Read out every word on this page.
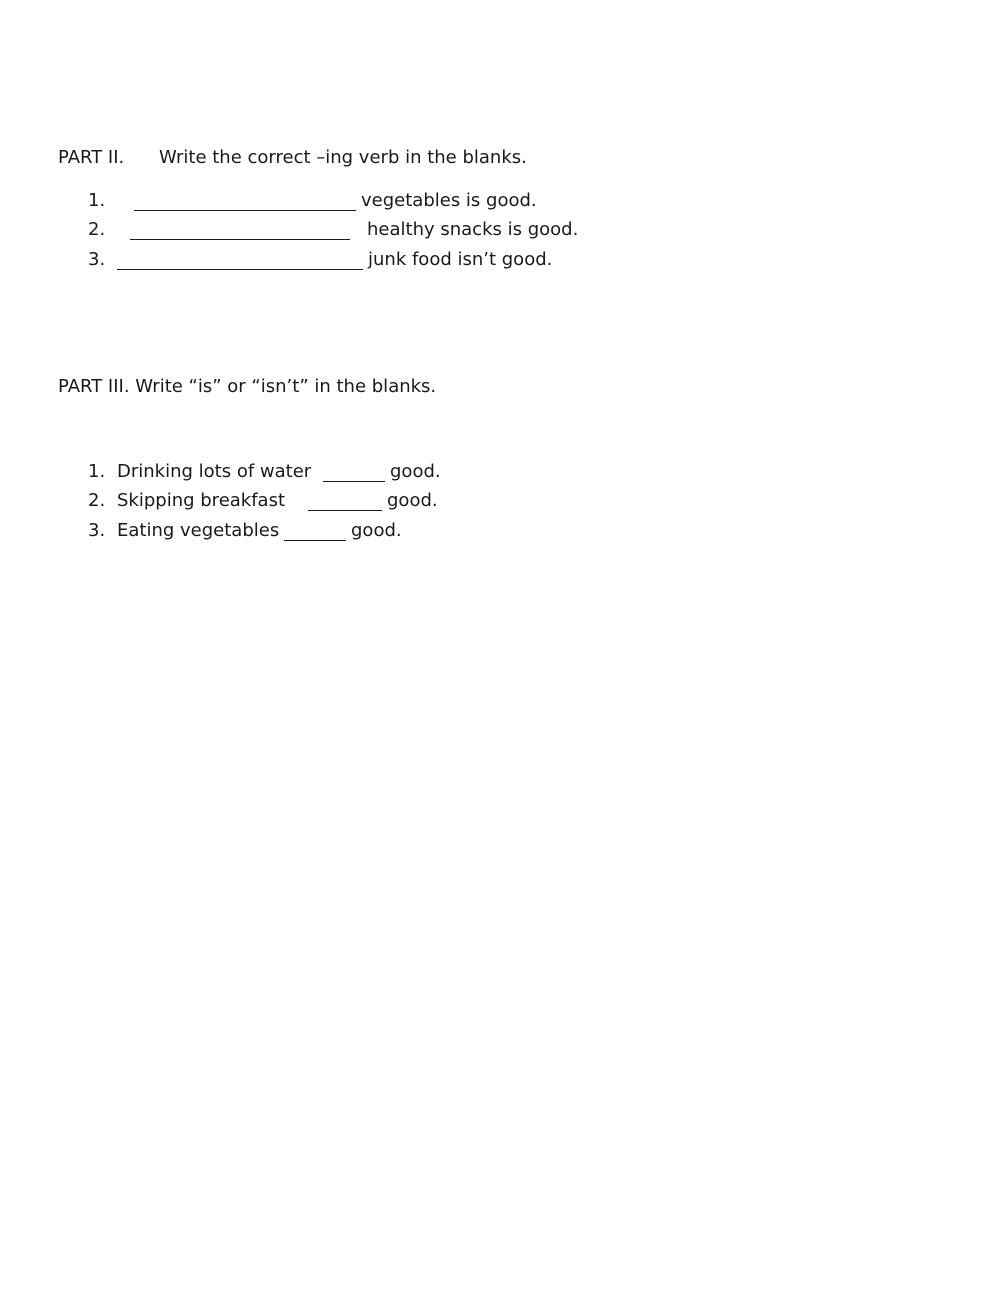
PART II. Write the correct –ing verb in the blanks.
1.	vegetables is good.
2.	healthy snacks is good.
3.	junk food isn’t good.
PART III. Write “is” or “isn’t” in the blanks.
1. Drinking lots of water	good.
2. Skipping breakfast	good.
3. Eating vegetables	good.
